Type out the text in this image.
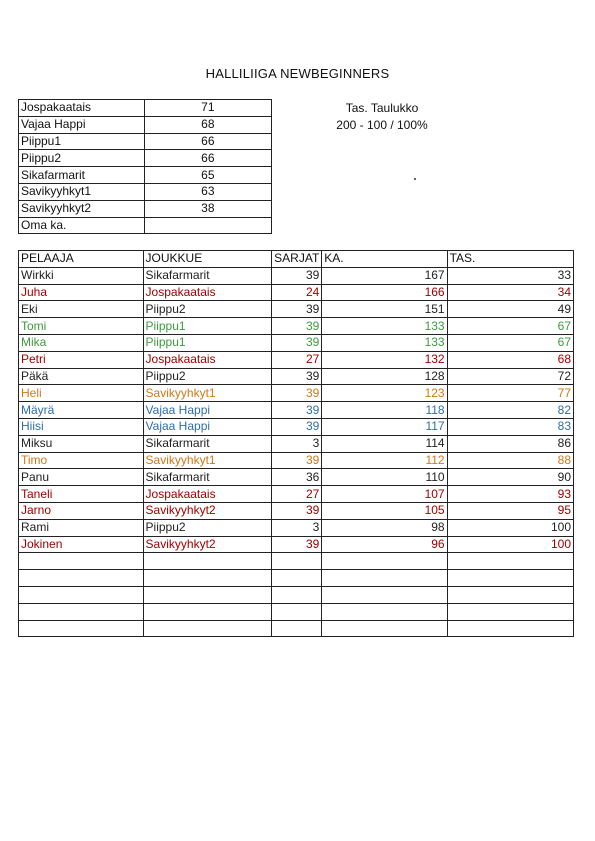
HALLILIIGA NEWBEGINNERS
Jospakaatais	71
Vajaa Happi	68
Piippu1	66
Piippu2	66
Sikafarmarit	65
Savikyyhkyt1	63
Savikyyhkyt2	38
Oma ka.	
Tas. Taulukko
200 - 100 / 100%
PELAAJA	JOUKKUE	SARJAT	KA.	TAS.
Wirkki	Sikafarmarit	39	167	33
Juha	Jospakaatais	24	166	34
Eki	Piippu2	39	151	49
Tomi	Piippu1	39	133	67
Mika	Piippu1	39	133	67
Petri	Jospakaatais	27	132	68
Päkä	Piippu2	39	128	72
Heli	Savikyyhkyt1	39	123	77
Mäyrä	Vajaa Happi	39	118	82
Hiisi	Vajaa Happi	39	117	83
Miksu	Sikafarmarit	3	114	86
Timo	Savikyyhkyt1	39	112	88
Panu	Sikafarmarit	36	110	90
Taneli	Jospakaatais	27	107	93
Jarno	Savikyyhkyt2	39	105	95
Rami	Piippu2	3	98	100
Jokinen	Savikyyhkyt2	39	96	100
